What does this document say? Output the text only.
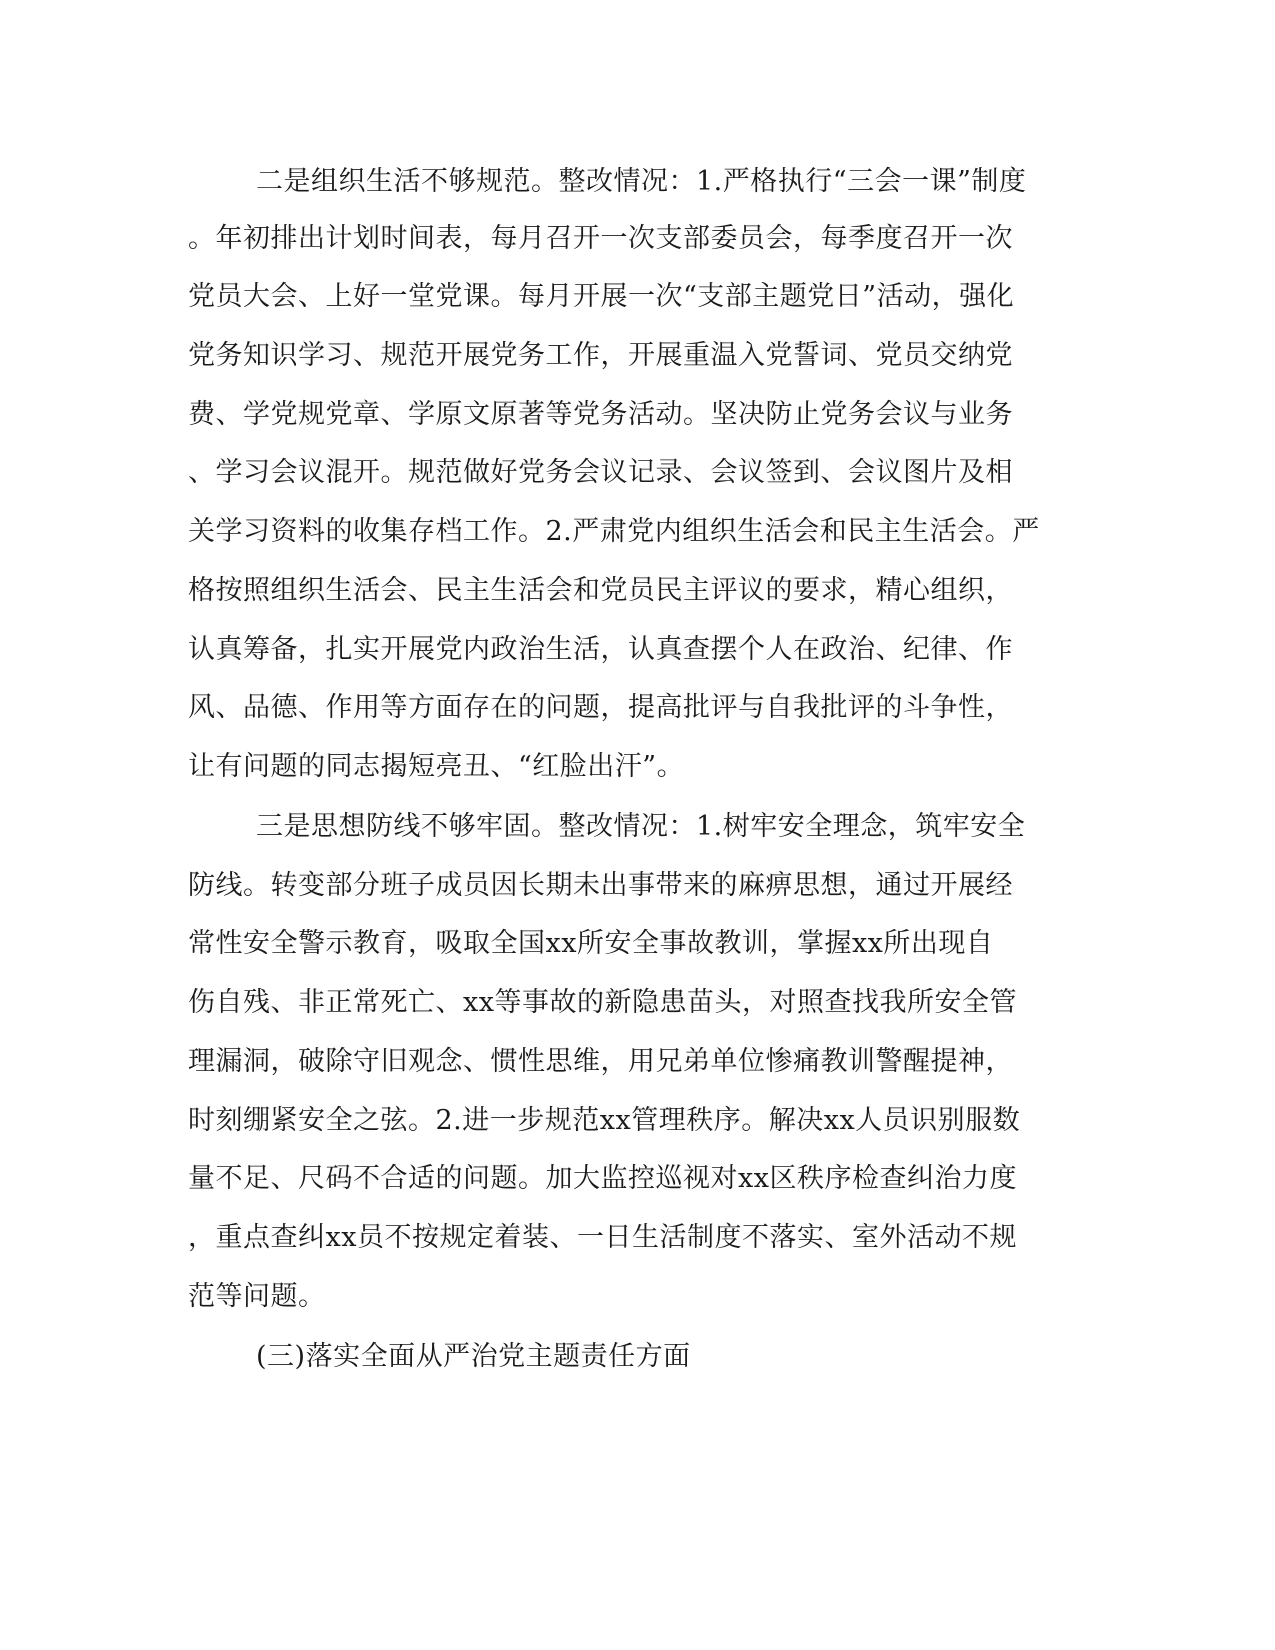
二是组织生活不够规范。整改情况：1.严格执行“三会一课”制度

。年初排出计划时间表，每月召开一次支部委员会，每季度召开一次

党员大会、上好一堂党课。每月开展一次“支部主题党日”活动，强化

党务知识学习、规范开展党务工作，开展重温入党誓词、党员交纳党

费、学党规党章、学原文原著等党务活动。坚决防止党务会议与业务

、学习会议混开。规范做好党务会议记录、会议签到、会议图片及相

关学习资料的收集存档工作。2.严肃党内组织生活会和民主生活会。严

格按照组织生活会、民主生活会和党员民主评议的要求，精心组织，

认真筹备，扎实开展党内政治生活，认真查摆个人在政治、纪律、作

风、品德、作用等方面存在的问题，提高批评与自我批评的斗争性，

让有问题的同志揭短亮丑、“红脸出汗”。

三是思想防线不够牢固。整改情况：1.树牢安全理念，筑牢安全

防线。转变部分班子成员因长期未出事带来的麻痹思想，通过开展经

常性安全警示教育，吸取全国xx所安全事故教训，掌握xx所出现自

伤自残、非正常死亡、xx等事故的新隐患苗头，对照查找我所安全管

理漏洞，破除守旧观念、惯性思维，用兄弟单位惨痛教训警醒提神，

时刻绷紧安全之弦。2.进一步规范xx管理秩序。解决xx人员识别服数

量不足、尺码不合适的问题。加大监控巡视对xx区秩序检查纠治力度

，重点查纠xx员不按规定着装、一日生活制度不落实、室外活动不规

范等问题。

(三)落实全面从严治党主题责任方面
